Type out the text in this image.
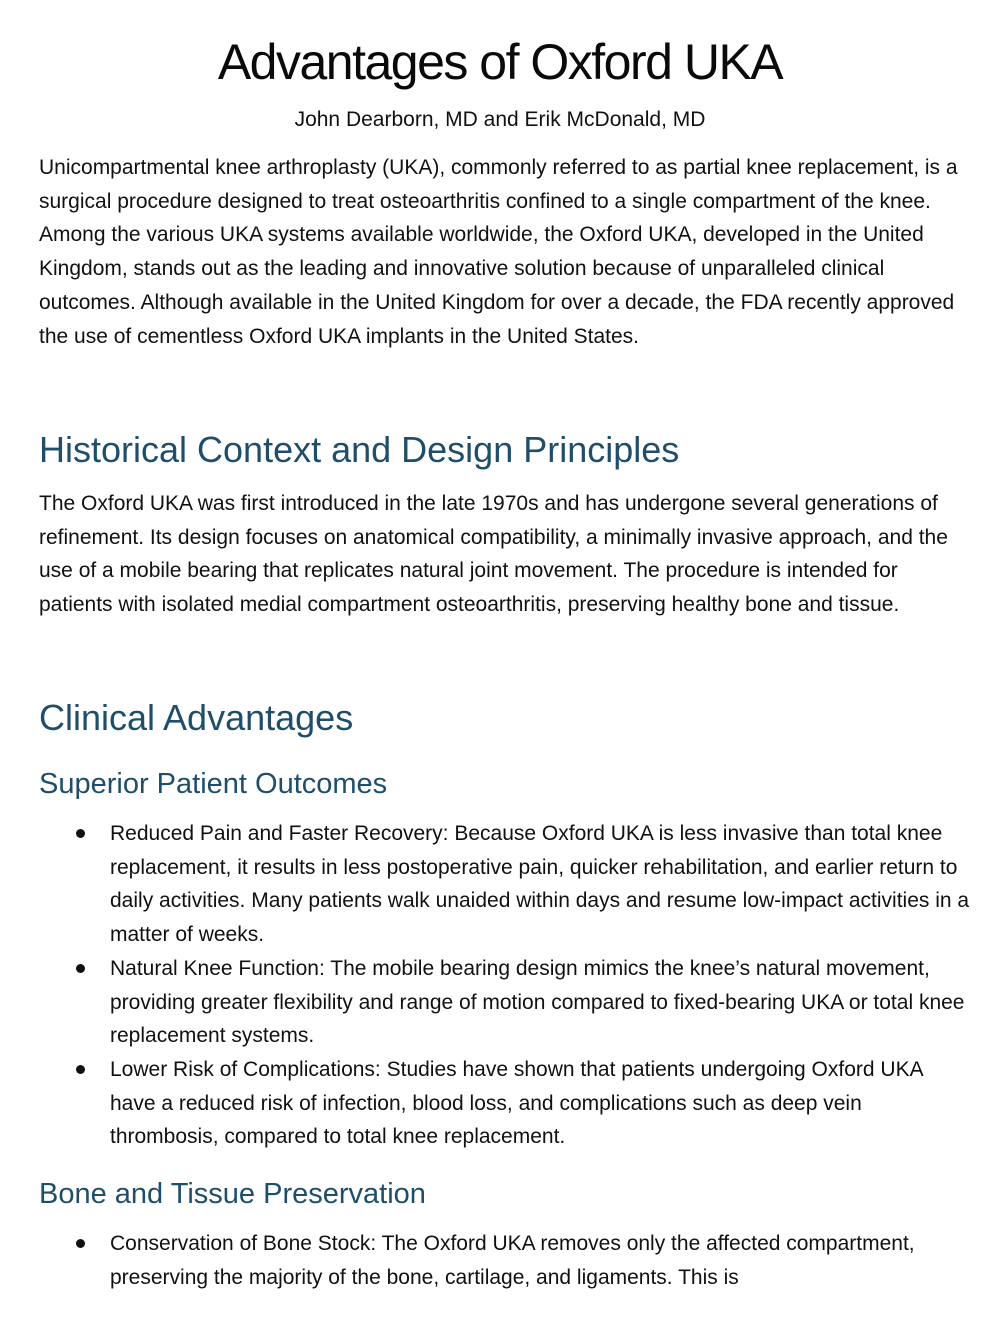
Advantages of Oxford UKA

John Dearborn, MD and Erik McDonald, MD

Unicompartmental knee arthroplasty (UKA), commonly referred to as partial knee replacement, is a surgical procedure designed to treat osteoarthritis confined to a single compartment of the knee. Among the various UKA systems available worldwide, the Oxford UKA, developed in the United Kingdom, stands out as the leading and innovative solution because of unparalleled clinical outcomes. Although available in the United Kingdom for over a decade, the FDA recently approved the use of cementless Oxford UKA implants in the United States.

Historical Context and Design Principles

The Oxford UKA was first introduced in the late 1970s and has undergone several generations of refinement. Its design focuses on anatomical compatibility, a minimally invasive approach, and the use of a mobile bearing that replicates natural joint movement. The procedure is intended for patients with isolated medial compartment osteoarthritis, preserving healthy bone and tissue.

Clinical Advantages
Superior Patient Outcomes
Reduced Pain and Faster Recovery: Because Oxford UKA is less invasive than total knee replacement, it results in less postoperative pain, quicker rehabilitation, and earlier return to daily activities. Many patients walk unaided within days and resume low-impact activities in a matter of weeks.
Natural Knee Function: The mobile bearing design mimics the knee’s natural movement, providing greater flexibility and range of motion compared to fixed-bearing UKA or total knee replacement systems.
Lower Risk of Complications: Studies have shown that patients undergoing Oxford UKA have a reduced risk of infection, blood loss, and complications such as deep vein thrombosis, compared to total knee replacement.
Bone and Tissue Preservation
Conservation of Bone Stock: The Oxford UKA removes only the affected compartment, preserving the majority of the bone, cartilage, and ligaments. This is
